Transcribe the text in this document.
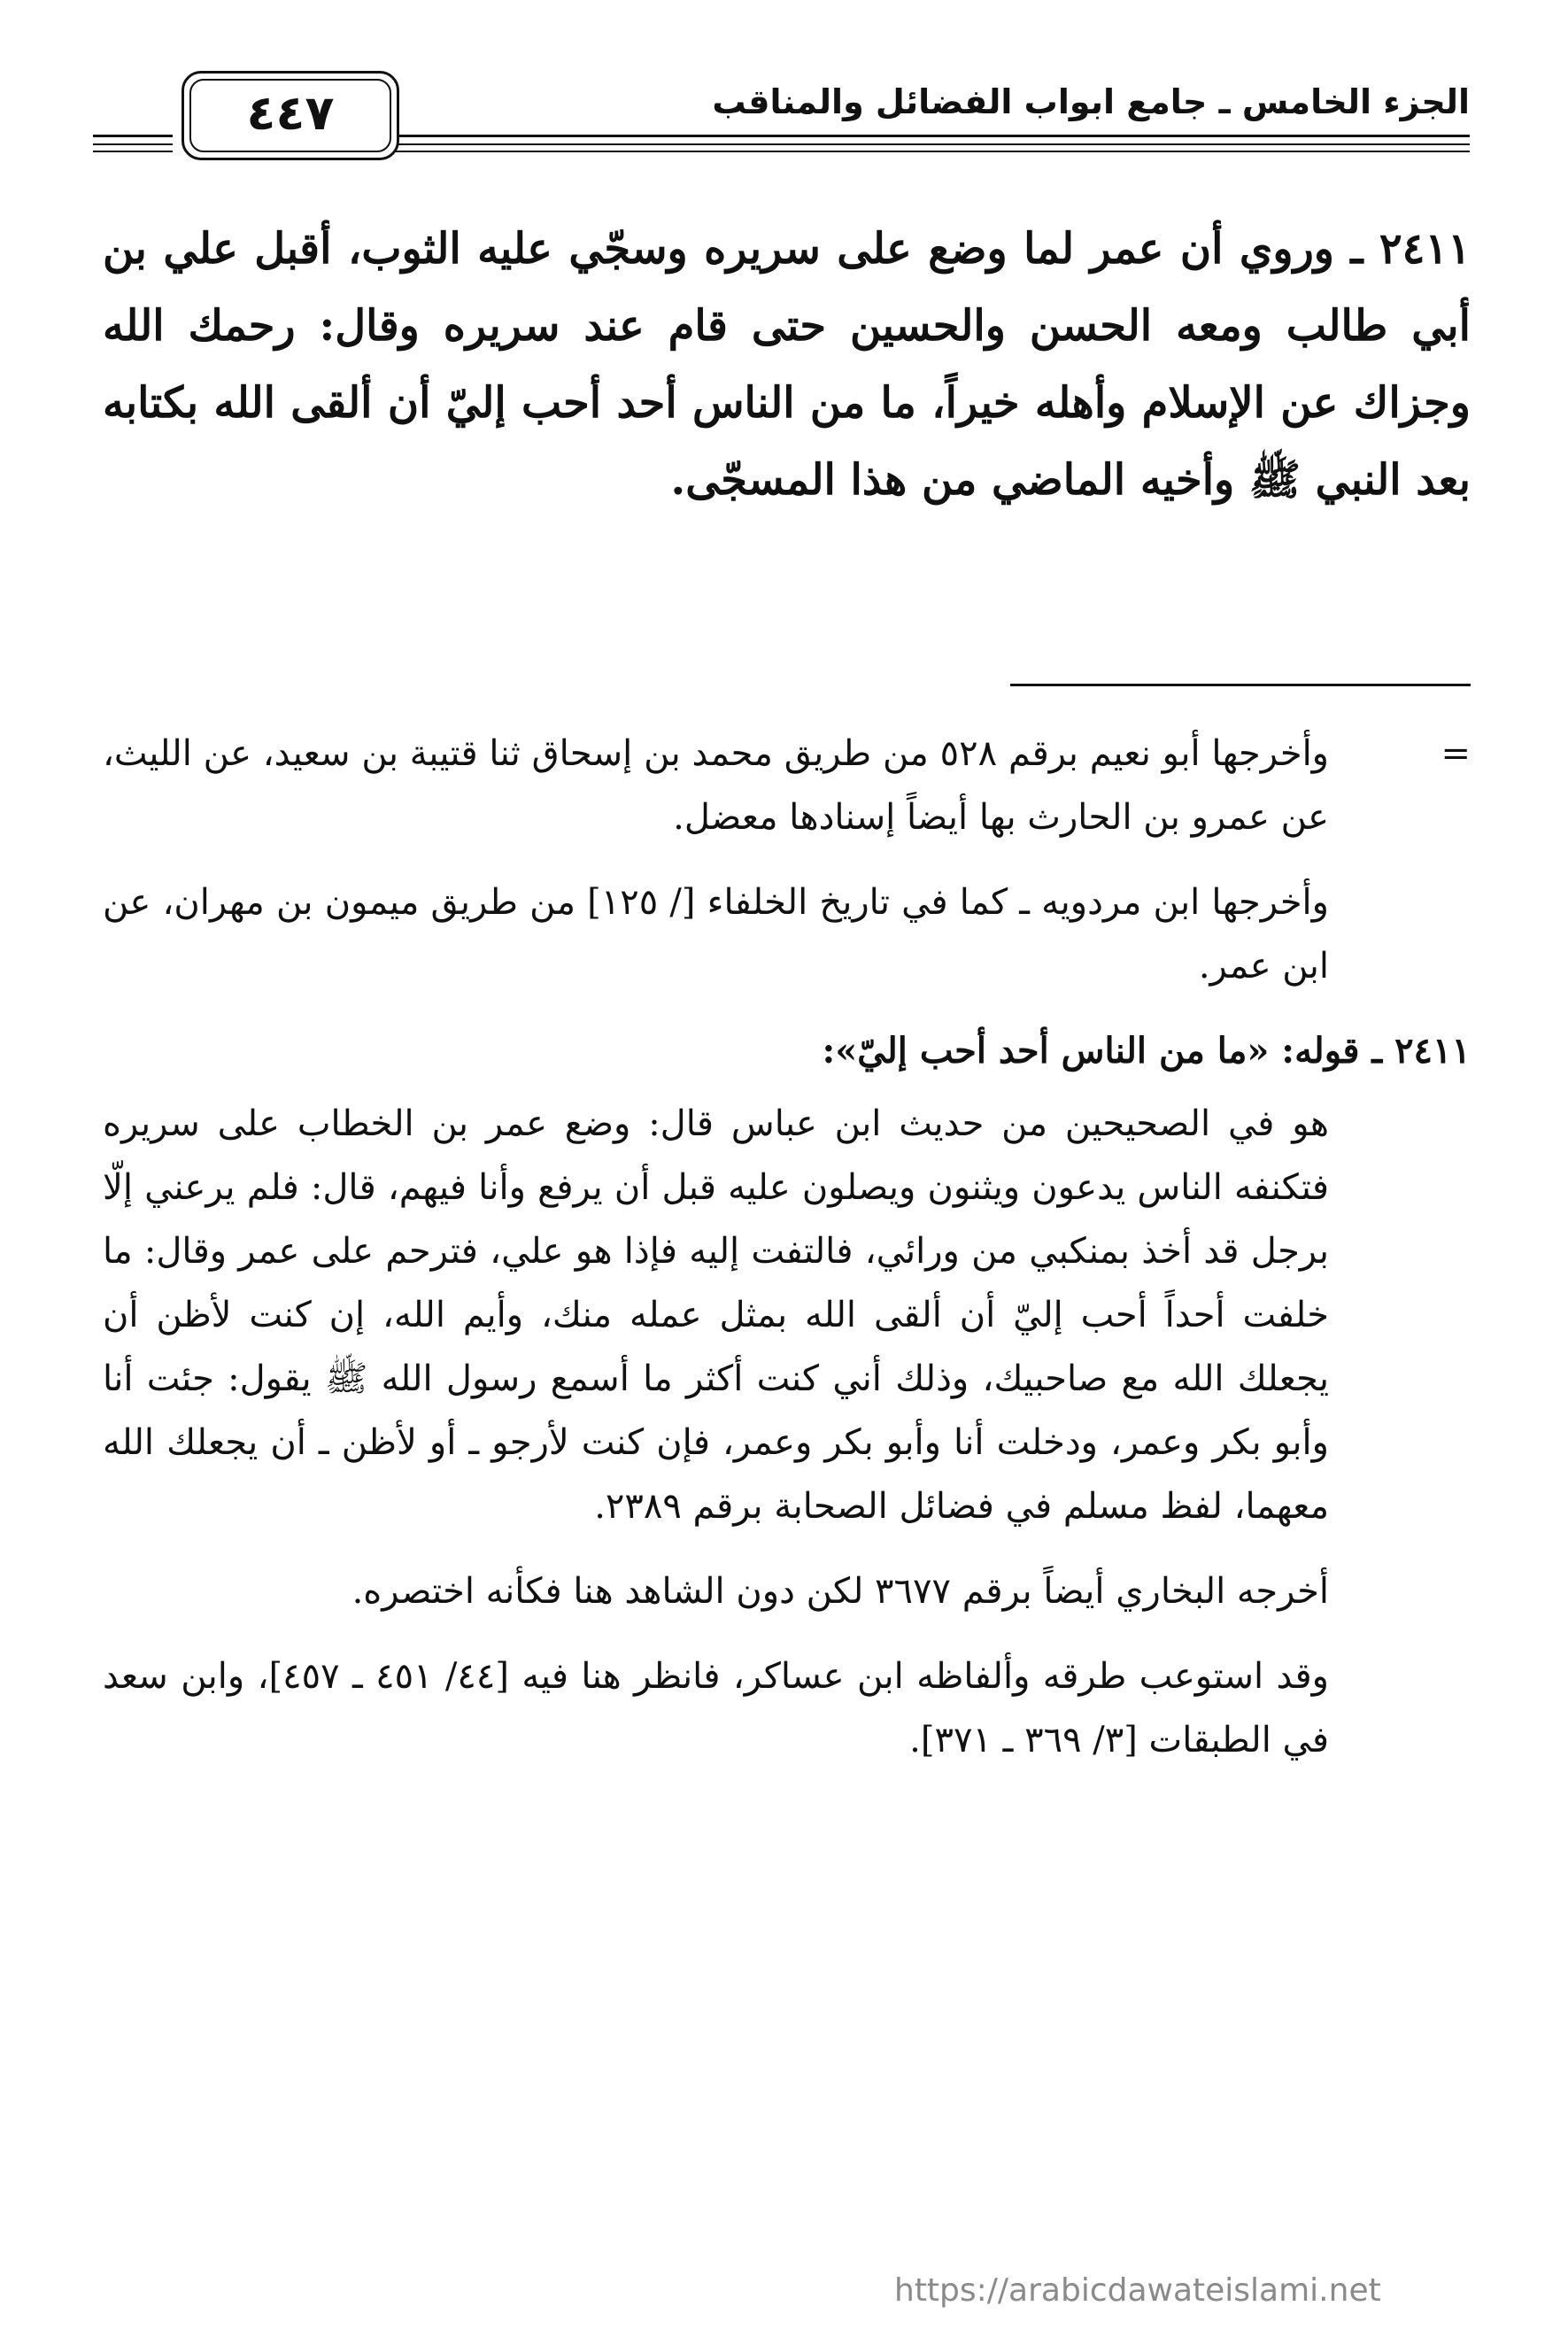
الجزء الخامس ـ جامع ابواب الفضائل والمناقب
٤٤٧
٢٤١١ ـ وروي أن عمر لما وضع على سريره وسجّي عليه الثوب، أقبل علي بن أبي طالب ومعه الحسن والحسين حتى قام عند سريره وقال: رحمك الله وجزاك عن الإسلام وأهله خيراً، ما من الناس أحد أحب إليّ أن ألقى الله بكتابه بعد النبي ﷺ وأخيه الماضي من هذا المسجّى.
=

وأخرجها أبو نعيم برقم ٥٢٨ من طريق محمد بن إسحاق ثنا قتيبة بن سعيد، عن الليث، عن عمرو بن الحارث بها أيضاً إسنادها معضل.

وأخرجها ابن مردويه ـ كما في تاريخ الخلفاء [/ ١٢٥] من طريق ميمون بن مهران، عن ابن عمر.

٢٤١١ ـ قوله: «ما من الناس أحد أحب إليّ»:

هو في الصحيحين من حديث ابن عباس قال: وضع عمر بن الخطاب على سريره فتكنفه الناس يدعون ويثنون ويصلون عليه قبل أن يرفع وأنا فيهم، قال: فلم يرعني إلّا برجل قد أخذ بمنكبي من ورائي، فالتفت إليه فإذا هو علي، فترحم على عمر وقال: ما خلفت أحداً أحب إليّ أن ألقى الله بمثل عمله منك، وأيم الله، إن كنت لأظن أن يجعلك الله مع صاحبيك، وذلك أني كنت أكثر ما أسمع رسول الله ﷺ يقول: جئت أنا وأبو بكر وعمر، ودخلت أنا وأبو بكر وعمر، فإن كنت لأرجو ـ أو لأظن ـ أن يجعلك الله معهما، لفظ مسلم في فضائل الصحابة برقم ٢٣٨٩.

أخرجه البخاري أيضاً برقم ٣٦٧٧ لكن دون الشاهد هنا فكأنه اختصره.

وقد استوعب طرقه وألفاظه ابن عساكر، فانظر هنا فيه [٤٤/ ٤٥١ ـ ٤٥٧]، وابن سعد في الطبقات [٣/ ٣٦٩ ـ ٣٧١].

https://arabicdawateislami.net
